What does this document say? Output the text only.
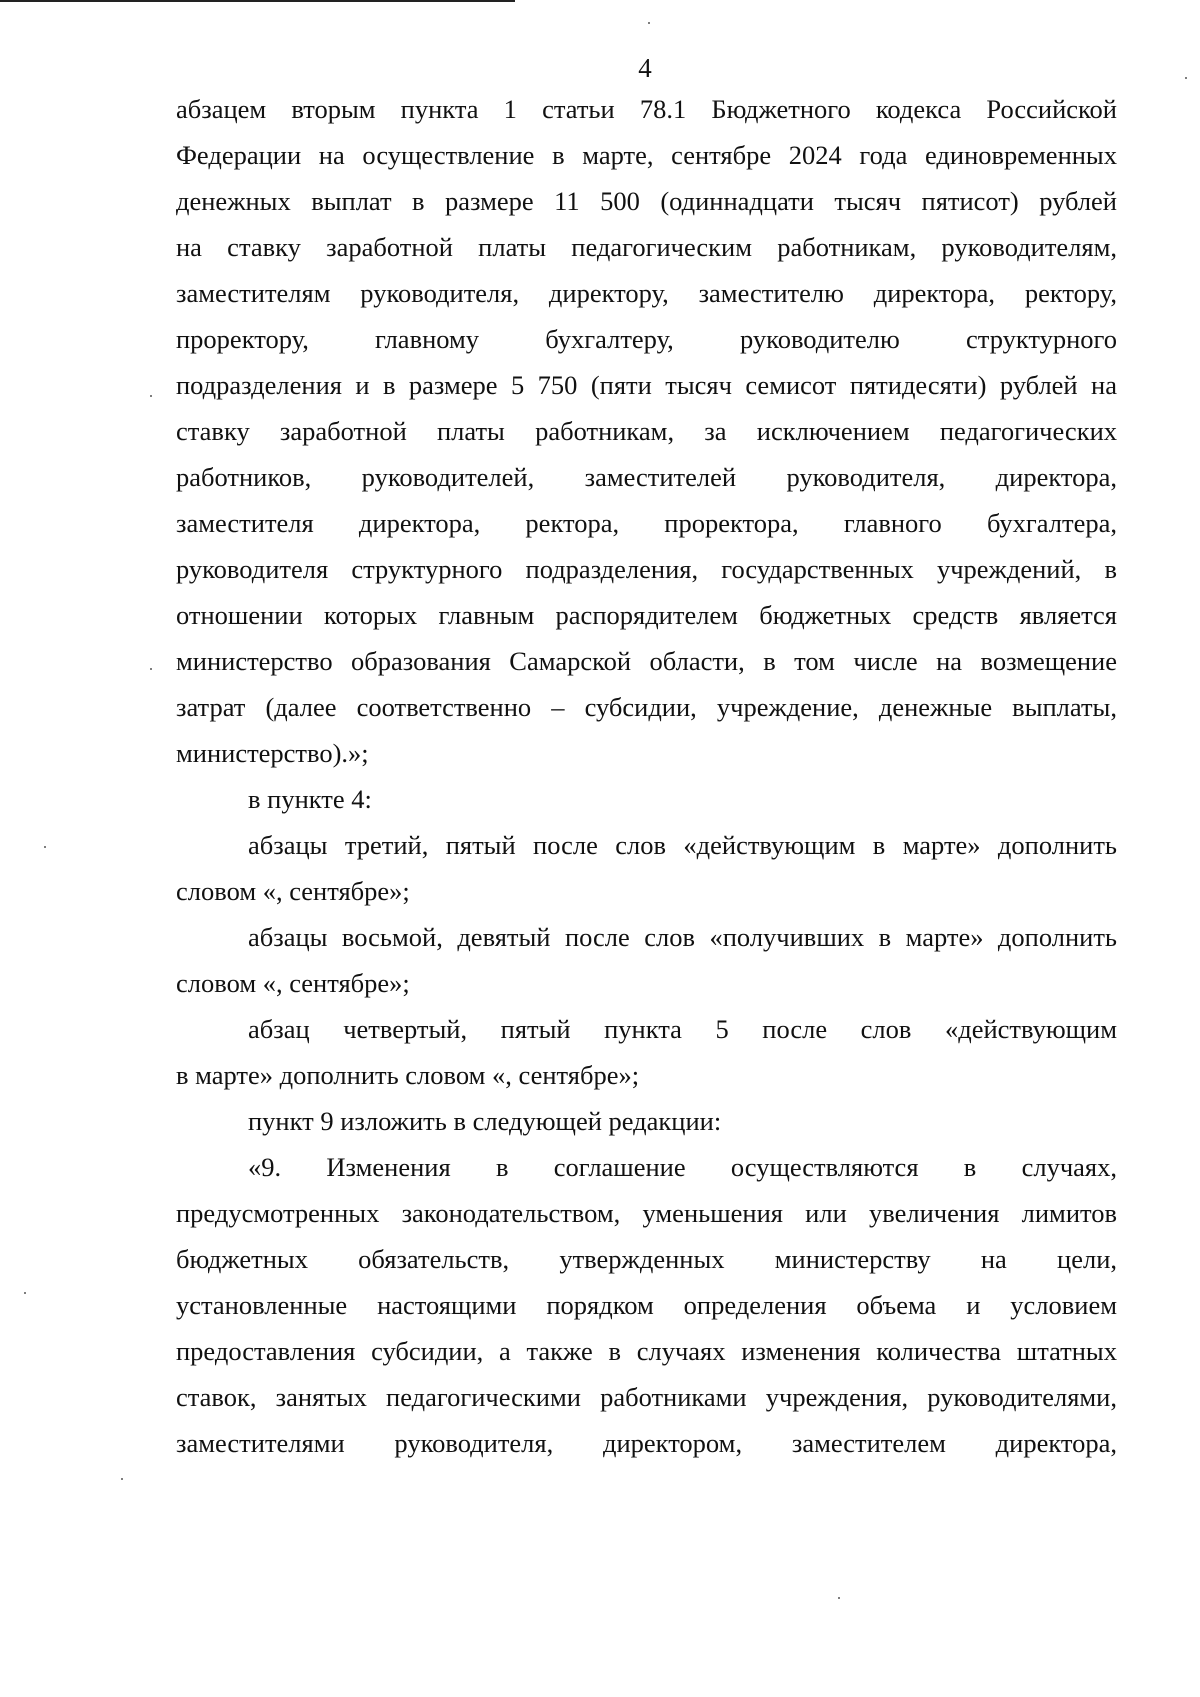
4
абзацем вторым пункта 1 статьи 78.1 Бюджетного кодекса Российской
Федерации на осуществление в марте, сентябре 2024 года единовременных
денежных выплат в размере 11 500 (одиннадцати тысяч пятисот) рублей
на ставку заработной платы педагогическим работникам, руководителям,
заместителям руководителя, директору, заместителю директора, ректору,
проректору, главному бухгалтеру, руководителю структурного
подразделения и в размере 5 750 (пяти тысяч семисот пятидесяти) рублей на
ставку заработной платы работникам, за исключением педагогических
работников, руководителей, заместителей руководителя, директора,
заместителя директора, ректора, проректора, главного бухгалтера,
руководителя структурного подразделения, государственных учреждений, в
отношении которых главным распорядителем бюджетных средств является
министерство образования Самарской области, в том числе на возмещение
затрат (далее соответственно – субсидии, учреждение, денежные выплаты,
министерство).»;
в пункте 4:
абзацы третий, пятый после слов «действующим в марте» дополнить
словом «, сентябре»;
абзацы восьмой, девятый после слов «получивших в марте» дополнить
словом «, сентябре»;
абзац четвертый, пятый пункта 5 после слов «действующим
в марте» дополнить словом «, сентябре»;
пункт 9 изложить в следующей редакции:
«9. Изменения в соглашение осуществляются в случаях,
предусмотренных законодательством, уменьшения или увеличения лимитов
бюджетных обязательств, утвержденных министерству на цели,
установленные настоящими порядком определения объема и условием
предоставления субсидии, а также в случаях изменения количества штатных
ставок, занятых педагогическими работниками учреждения, руководителями,
заместителями руководителя, директором, заместителем директора,
